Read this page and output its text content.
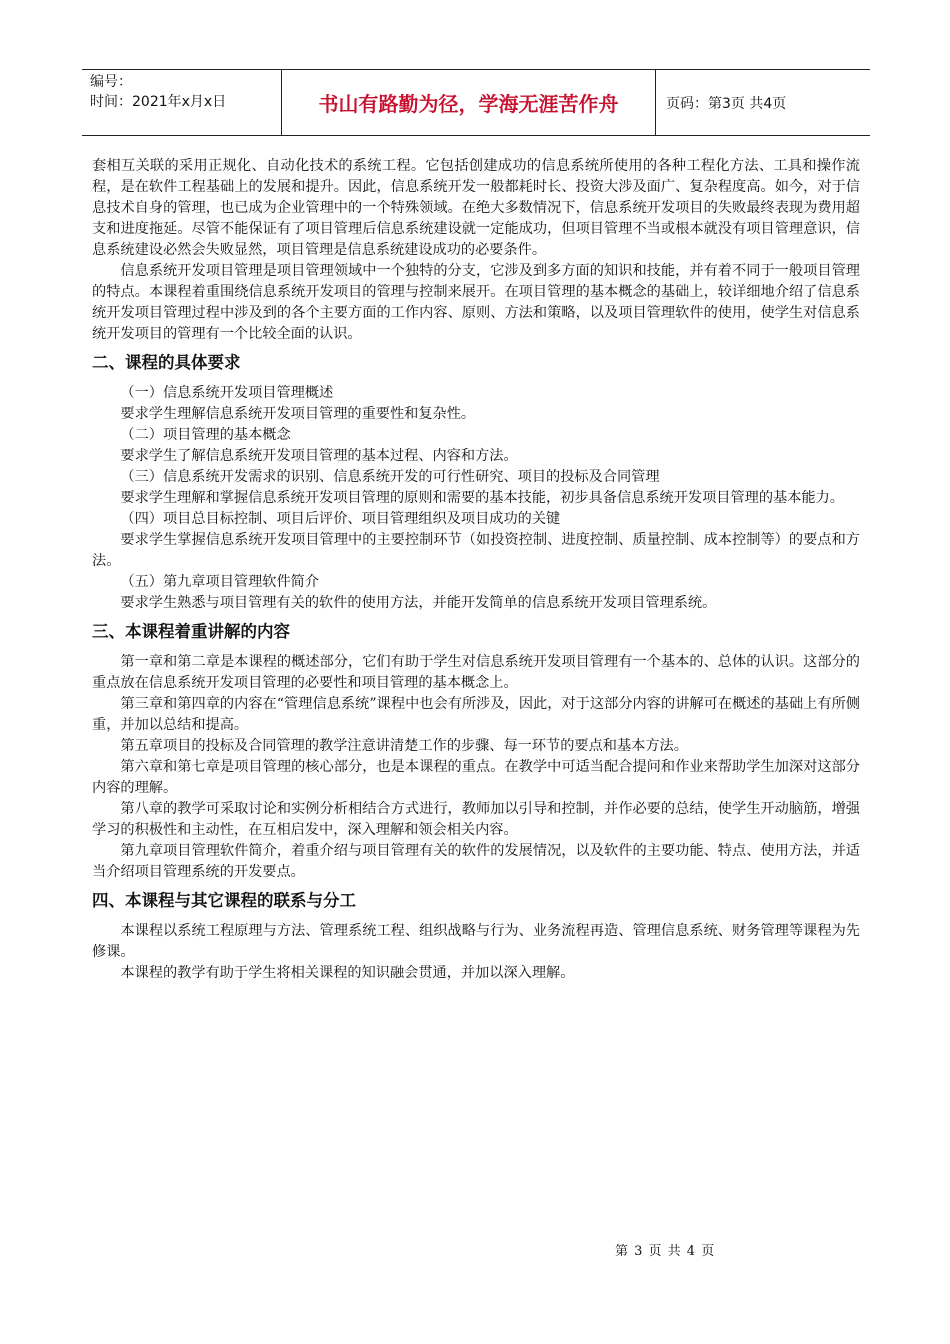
编号：
时间：2021年x月x日	书山有路勤为径，学海无涯苦作舟	页码：第3页 共4页

套相互关联的采用正规化、自动化技术的系统工程。它包括创建成功的信息系统所使用的各种工程化方法、工具和操作流程，是在软件工程基础上的发展和提升。因此，信息系统开发一般都耗时长、投资大涉及面广、复杂程度高。如今，对于信息技术自身的管理，也已成为企业管理中的一个特殊领域。在绝大多数情况下，信息系统开发项目的失败最终表现为费用超支和进度拖延。尽管不能保证有了项目管理后信息系统建设就一定能成功，但项目管理不当或根本就没有项目管理意识，信息系统建设必然会失败显然，项目管理是信息系统建设成功的必要条件。

信息系统开发项目管理是项目管理领域中一个独特的分支，它涉及到多方面的知识和技能，并有着不同于一般项目管理的特点。本课程着重围绕信息系统开发项目的管理与控制来展开。在项目管理的基本概念的基础上，较详细地介绍了信息系统开发项目管理过程中涉及到的各个主要方面的工作内容、原则、方法和策略，以及项目管理软件的使用，使学生对信息系统开发项目的管理有一个比较全面的认识。

二、课程的具体要求

（一）信息系统开发项目管理概述

要求学生理解信息系统开发项目管理的重要性和复杂性。

（二）项目管理的基本概念

要求学生了解信息系统开发项目管理的基本过程、内容和方法。

（三）信息系统开发需求的识别、信息系统开发的可行性研究、项目的投标及合同管理

要求学生理解和掌握信息系统开发项目管理的原则和需要的基本技能，初步具备信息系统开发项目管理的基本能力。

（四）项目总目标控制、项目后评价、项目管理组织及项目成功的关键

要求学生掌握信息系统开发项目管理中的主要控制环节（如投资控制、进度控制、质量控制、成本控制等）的要点和方法。

（五）第九章项目管理软件简介

要求学生熟悉与项目管理有关的软件的使用方法，并能开发简单的信息系统开发项目管理系统。

三、本课程着重讲解的内容

第一章和第二章是本课程的概述部分，它们有助于学生对信息系统开发项目管理有一个基本的、总体的认识。这部分的重点放在信息系统开发项目管理的必要性和项目管理的基本概念上。

第三章和第四章的内容在“管理信息系统”课程中也会有所涉及，因此，对于这部分内容的讲解可在概述的基础上有所侧重，并加以总结和提高。

第五章项目的投标及合同管理的教学注意讲清楚工作的步骤、每一环节的要点和基本方法。

第六章和第七章是项目管理的核心部分，也是本课程的重点。在教学中可适当配合提问和作业来帮助学生加深对这部分内容的理解。

第八章的教学可采取讨论和实例分析相结合方式进行，教师加以引导和控制，并作必要的总结，使学生开动脑筋，增强学习的积极性和主动性，在互相启发中，深入理解和领会相关内容。

第九章项目管理软件简介，着重介绍与项目管理有关的软件的发展情况，以及软件的主要功能、特点、使用方法，并适当介绍项目管理系统的开发要点。

四、本课程与其它课程的联系与分工

本课程以系统工程原理与方法、管理系统工程、组织战略与行为、业务流程再造、管理信息系统、财务管理等课程为先修课。

本课程的教学有助于学生将相关课程的知识融会贯通，并加以深入理解。

第 3 页 共 4 页
